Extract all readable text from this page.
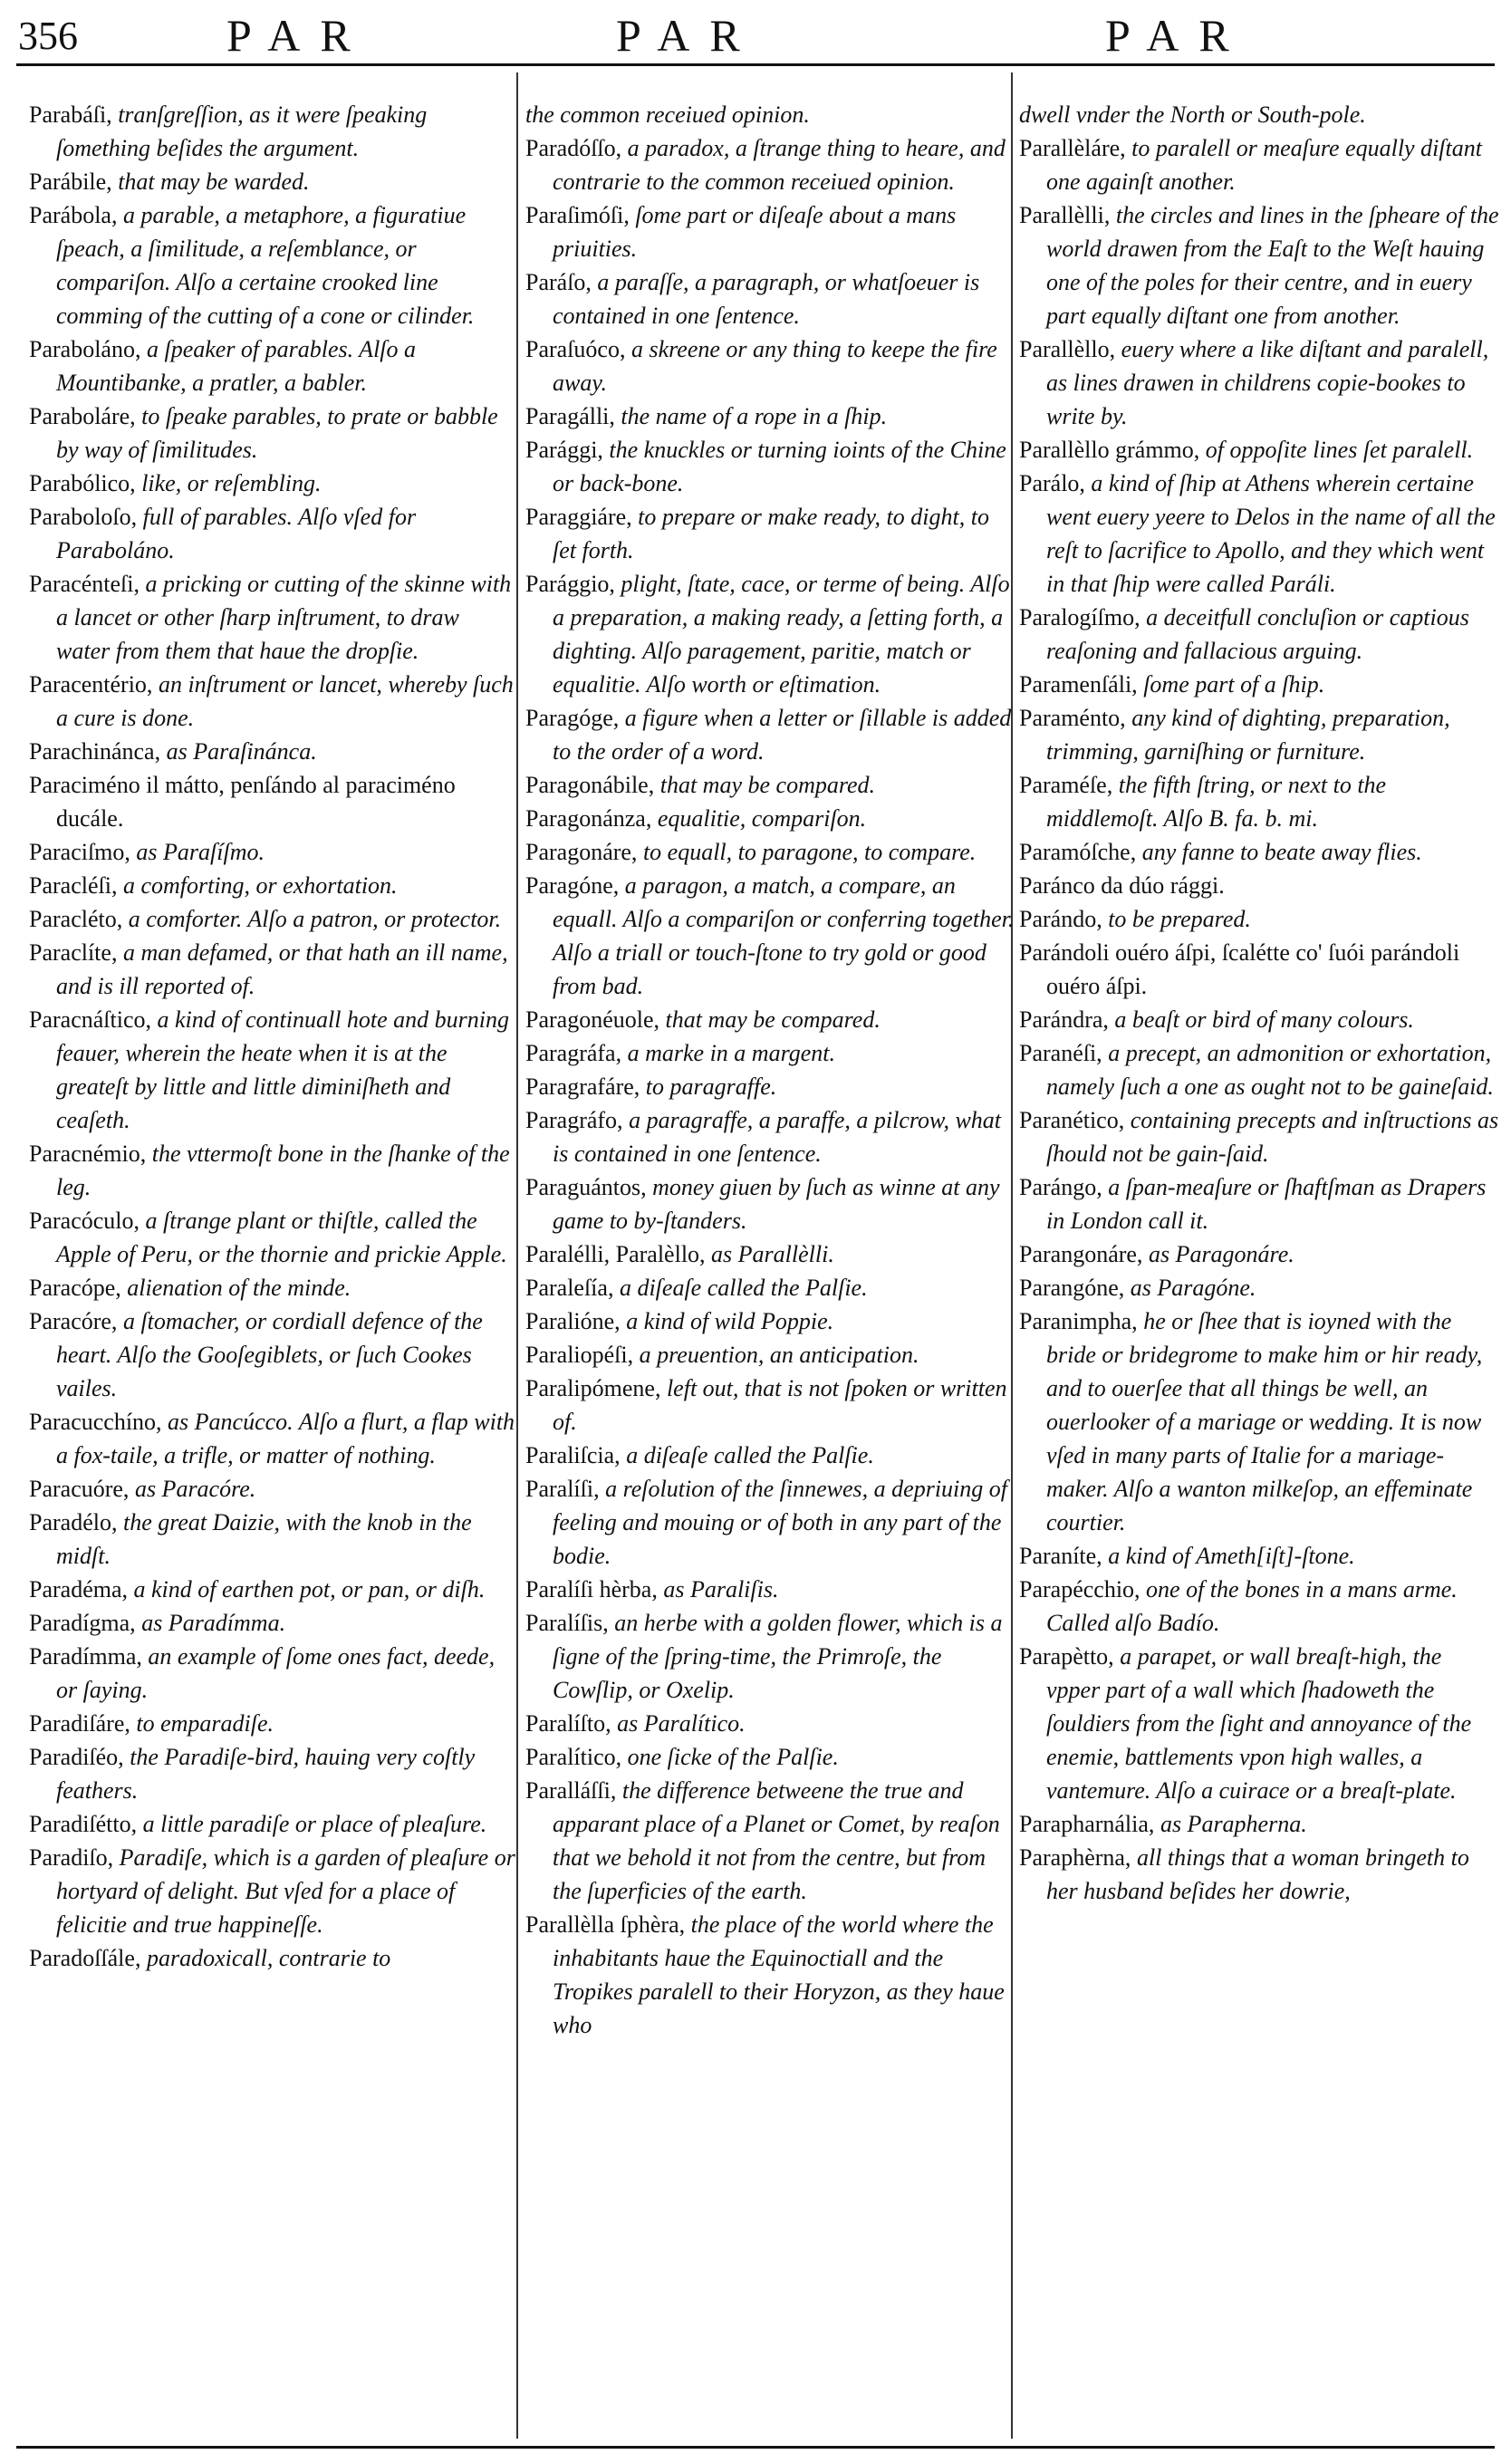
356	PAR	PAR	PAR

Parabáſi, tranſgreſſion, as it were ſpeaking ſomething beſides the argument.

Parábile, that may be warded.

Parábola, a parable, a metaphore, a figuratiue ſpeach, a ſimilitude, a reſemblance, or compariſon. Alſo a certaine crooked line comming of the cutting of a cone or cilinder.

Paraboláno, a ſpeaker of parables. Alſo a Mountibanke, a pratler, a babler.

Paraboláre, to ſpeake parables, to prate or babble by way of ſimilitudes.

Parabólico, like, or reſembling.

Paraboloſo, full of parables. Alſo vſed for Paraboláno.

Paracénteſi, a pricking or cutting of the skinne with a lancet or other ſharp inſtrument, to draw water from them that haue the dropſie.

Paracentério, an inſtrument or lancet, whereby ſuch a cure is done.

Parachinánca, as Paraſinánca.

Paraciméno il mátto, penſándo al paraciméno ducále.

Paraciſmo, as Paraſíſmo.

Paracléſi, a comforting, or exhortation.

Paracléto, a comforter. Alſo a patron, or protector.

Paraclíte, a man defamed, or that hath an ill name, and is ill reported of.

Paracnáſtico, a kind of continuall hote and burning feauer, wherein the heate when it is at the greateſt by little and little diminiſheth and ceaſeth.

Paracnémio, the vttermoſt bone in the ſhanke of the leg.

Paracóculo, a ſtrange plant or thiſtle, called the Apple of Peru, or the thornie and prickie Apple.

Paracópe, alienation of the minde.

Paracóre, a ſtomacher, or cordiall defence of the heart. Alſo the Gooſegiblets, or ſuch Cookes vailes.

Paracucchíno, as Pancúcco. Alſo a flurt, a flap with a fox-taile, a trifle, or matter of nothing.

Paracuóre, as Paracóre.

Paradélo, the great Daizie, with the knob in the midſt.

Paradéma, a kind of earthen pot, or pan, or diſh.

Paradígma, as Paradímma.

Paradímma, an example of ſome ones fact, deede, or ſaying.

Paradiſáre, to emparadiſe.

Paradiſéo, the Paradiſe-bird, hauing very coſtly feathers.

Paradiſétto, a little paradiſe or place of pleaſure.

Paradiſo, Paradiſe, which is a garden of pleaſure or hortyard of delight. But vſed for a place of felicitie and true happineſſe.

Paradoſſále, paradoxicall, contrarie to

the common receiued opinion.

Paradóſſo, a paradox, a ſtrange thing to heare, and contrarie to the common receiued opinion.

Paraſimóſi, ſome part or diſeaſe about a mans priuities.

Paráſo, a paraſſe, a paragraph, or whatſoeuer is contained in one ſentence.

Paraſuóco, a skreene or any thing to keepe the fire away.

Paragálli, the name of a rope in a ſhip.

Parággi, the knuckles or turning ioints of the Chine or back-bone.

Paraggiáre, to prepare or make ready, to dight, to ſet forth.

Parággio, plight, ſtate, cace, or terme of being. Alſo a preparation, a making ready, a ſetting forth, a dighting. Alſo paragement, paritie, match or equalitie. Alſo worth or eſtimation.

Paragóge, a figure when a letter or ſillable is added to the order of a word.

Paragonábile, that may be compared.

Paragonánza, equalitie, compariſon.

Paragonáre, to equall, to paragone, to compare.

Paragóne, a paragon, a match, a compare, an equall. Alſo a compariſon or conferring together. Alſo a triall or touch-ſtone to try gold or good from bad.

Paragonéuole, that may be compared.

Paragráfa, a marke in a margent.

Paragrafáre, to paragraffe.

Paragráfo, a paragraffe, a paraffe, a pilcrow, what is contained in one ſentence.

Paraguántos, money giuen by ſuch as winne at any game to by-ſtanders.

Paralélli, Paralèllo, as Parallèlli.

Paraleſía, a diſeaſe called the Palſie.

Paralióne, a kind of wild Poppie.

Paraliopéſi, a preuention, an anticipation.

Paralipómene, left out, that is not ſpoken or written of.

Paraliſcia, a diſeaſe called the Palſie.

Paralíſi, a reſolution of the ſinnewes, a depriuing of feeling and mouing or of both in any part of the bodie.

Paralíſi hèrba, as Paraliſis.

Paralíſis, an herbe with a golden flower, which is a ſigne of the ſpring-time, the Primroſe, the Cowſlip, or Oxelip.

Paralíſto, as Paralítico.

Paralítico, one ſicke of the Palſie.

Paralláſſi, the difference betweene the true and apparant place of a Planet or Comet, by reaſon that we behold it not from the centre, but from the ſuperficies of the earth.

Parallèlla ſphèra, the place of the world where the inhabitants haue the Equinoctiall and the Tropikes paralell to their Horyzon, as they haue who

dwell vnder the North or South-pole.

Parallèláre, to paralell or meaſure equally diſtant one againſt another.

Parallèlli, the circles and lines in the ſpheare of the world drawen from the Eaſt to the Weſt hauing one of the poles for their centre, and in euery part equally diſtant one from another.

Parallèllo, euery where a like diſtant and paralell, as lines drawen in childrens copie-bookes to write by.

Parallèllo grámmo, of oppoſite lines ſet paralell.

Parálo, a kind of ſhip at Athens wherein certaine went euery yeere to Delos in the name of all the reſt to ſacrifice to Apollo, and they which went in that ſhip were called Paráli.

Paralogíſmo, a deceitfull concluſion or captious reaſoning and fallacious arguing.

Paramenſáli, ſome part of a ſhip.

Paraménto, any kind of dighting, preparation, trimming, garniſhing or furniture.

Paraméſe, the fifth ſtring, or next to the middlemoſt. Alſo B. fa. b. mi.

Paramóſche, any fanne to beate away flies.

Paránco da dúo rággi.

Parándo, to be prepared.

Parándoli ouéro áſpi, ſcalétte co' ſuói parándoli ouéro áſpi.

Parándra, a beaſt or bird of many colours.

Paranéſi, a precept, an admonition or exhortation, namely ſuch a one as ought not to be gaineſaid.

Paranético, containing precepts and inſtructions as ſhould not be gain-ſaid.

Parángo, a ſpan-meaſure or ſhaftſman as Drapers in London call it.

Parangonáre, as Paragonáre.

Parangóne, as Paragóne.

Paranimpha, he or ſhee that is ioyned with the bride or bridegrome to make him or hir ready, and to ouerſee that all things be well, an ouerlooker of a mariage or wedding. It is now vſed in many parts of Italie for a mariage-maker. Alſo a wanton milkeſop, an effeminate courtier.

Paraníte, a kind of Ameth[iſt]-ſtone.

Parapécchio, one of the bones in a mans arme. Called alſo Badío.

Parapètto, a parapet, or wall breaſt-high, the vpper part of a wall which ſhadoweth the ſouldiers from the ſight and annoyance of the enemie, battlements vpon high walles, a vantemure. Alſo a cuirace or a breaſt-plate.

Parapharnália, as Parapherna.

Paraphèrna, all things that a woman bringeth to her husband beſides her dowrie,
